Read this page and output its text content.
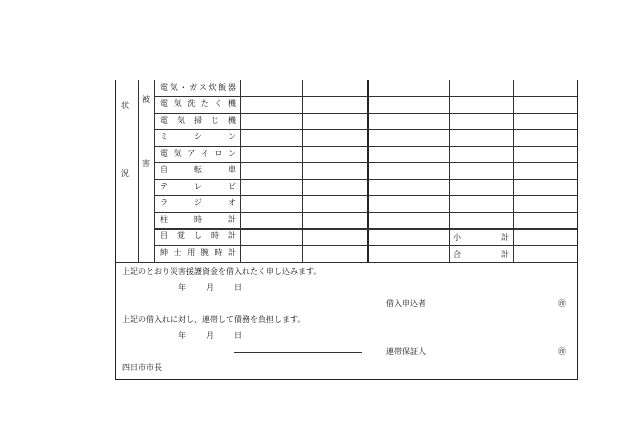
状
況
被
害
電 気 ・ ガ ス 炊 飯 器
電 気 洗 た く 機
電 気 掃 じ 機
ミ	シ	ン
電 気 ア イ ロ ン
自	転	車
テ	レ	ビ
ラ	ジ	オ
柱	時	計
目 覚 し 時 計
紳 士 用 腕 時 計
小	計
合	計
上記のとおり災害援護資金を借入れたく申し込みます。
年	月	日
借入申込者	㊞
上記の借入れに対し、連帯して債務を負担します。
年	月	日
連帯保証人	㊞
四日市市長
